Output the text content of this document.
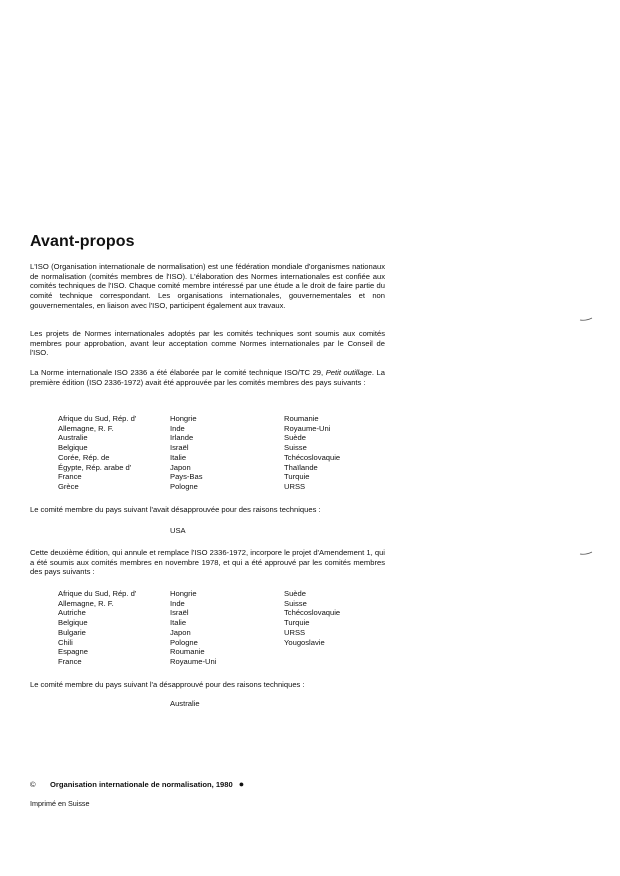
Avant-propos

L'ISO (Organisation internationale de normalisation) est une fédération mondiale d'organismes nationaux de normalisation (comités membres de l'ISO). L'élaboration des Normes internationales est confiée aux comités techniques de l'ISO. Chaque comité membre intéressé par une étude a le droit de faire partie du comité technique correspondant. Les organisations internationales, gouvernementales et non gouvernementales, en liaison avec l'ISO, participent également aux travaux.

Les projets de Normes internationales adoptés par les comités techniques sont soumis aux comités membres pour approbation, avant leur acceptation comme Normes internationales par le Conseil de l'ISO.

La Norme internationale ISO 2336 a été élaborée par le comité technique ISO/TC 29, Petit outillage. La première édition (ISO 2336-1972) avait été approuvée par les comités membres des pays suivants :

Afrique du Sud, Rép. d'
Allemagne, R. F.
Australie
Belgique
Corée, Rép. de
Égypte, Rép. arabe d'
France
Grèce
Hongrie
Inde
Irlande
Israël
Italie
Japon
Pays-Bas
Pologne
Roumanie
Royaume-Uni
Suède
Suisse
Tchécoslovaquie
Thaïlande
Turquie
URSS

Le comité membre du pays suivant l'avait désapprouvée pour des raisons techniques :

USA

Cette deuxième édition, qui annule et remplace l'ISO 2336-1972, incorpore le projet d'Amendement 1, qui a été soumis aux comités membres en novembre 1978, et qui a été approuvé par les comités membres des pays suivants :

Afrique du Sud, Rép. d'
Allemagne, R. F.
Autriche
Belgique
Bulgarie
Chili
Espagne
France
Hongrie
Inde
Israël
Italie
Japon
Pologne
Roumanie
Royaume-Uni
Suède
Suisse
Tchécoslovaquie
Turquie
URSS
Yougoslavie

Le comité membre du pays suivant l'a désapprouvé pour des raisons techniques :

Australie

© Organisation internationale de normalisation, 1980 ●
Imprimé en Suisse
